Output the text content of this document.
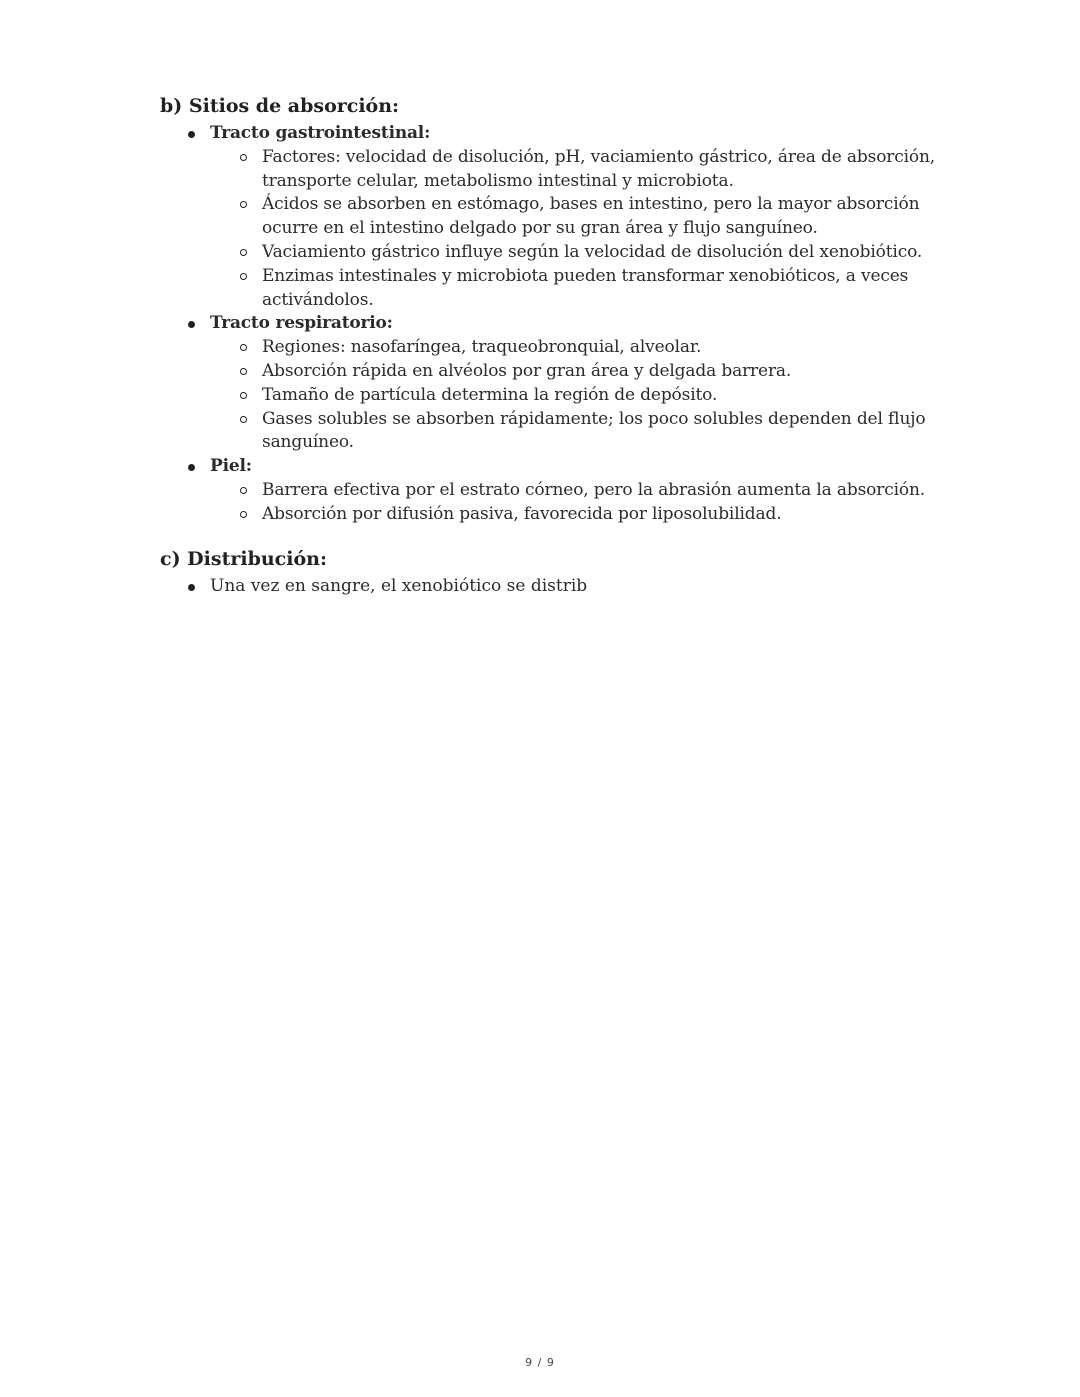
b) Sitios de absorción:
Tracto gastrointestinal:
Factores: velocidad de disolución, pH, vaciamiento gástrico, área de absorción, transporte celular, metabolismo intestinal y microbiota.
Ácidos se absorben en estómago, bases en intestino, pero la mayor absorción ocurre en el intestino delgado por su gran área y flujo sanguíneo.
Vaciamiento gástrico influye según la velocidad de disolución del xenobiótico.
Enzimas intestinales y microbiota pueden transformar xenobióticos, a veces activándolos.
Tracto respiratorio:
Regiones: nasofaríngea, traqueobronquial, alveolar.
Absorción rápida en alvéolos por gran área y delgada barrera.
Tamaño de partícula determina la región de depósito.
Gases solubles se absorben rápidamente; los poco solubles dependen del flujo sanguíneo.
Piel:
Barrera efectiva por el estrato córneo, pero la abrasión aumenta la absorción.
Absorción por difusión pasiva, favorecida por liposolubilidad.
c) Distribución:
Una vez en sangre, el xenobiótico se distrib
9 / 9
